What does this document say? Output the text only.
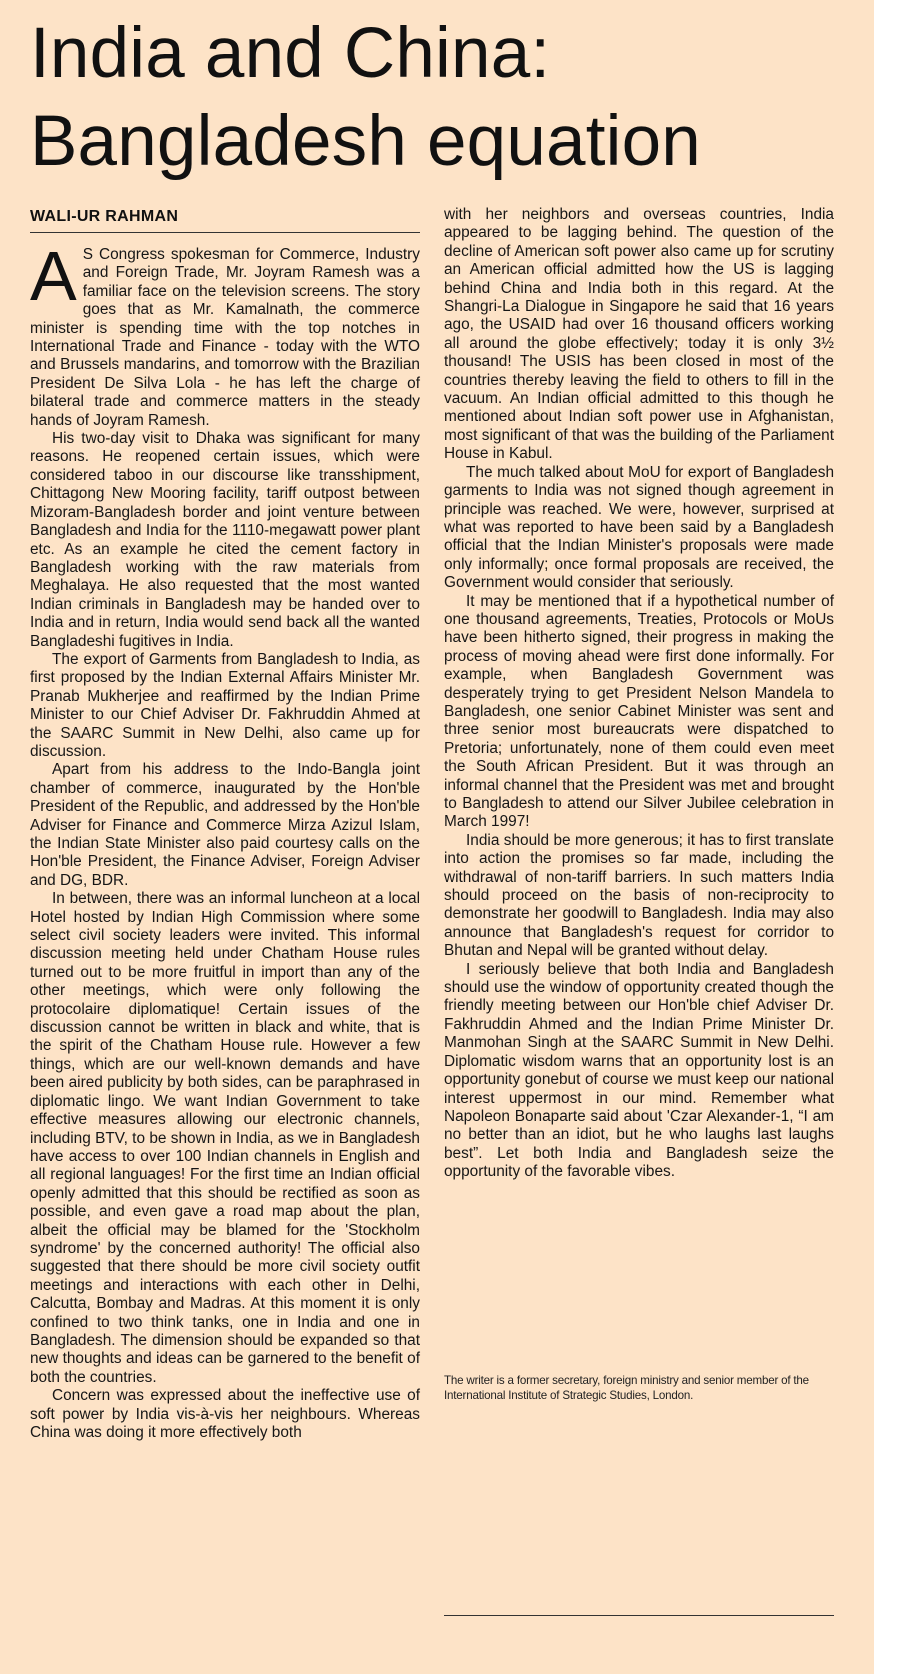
India and China:
Bangladesh equation
WALI-UR RAHMAN

A S Congress spokesman for Commerce, Industry and Foreign Trade, Mr. Joyram Ramesh was a familiar face on the television screens. The story goes that as Mr. Kamalnath, the commerce minister is spending time with the top notches in International Trade and Finance - today with the WTO and Brussels mandarins, and tomorrow with the Brazilian President De Silva Lola - he has left the charge of bilateral trade and commerce matters in the steady hands of Joyram Ramesh.

His two-day visit to Dhaka was significant for many reasons. He reopened certain issues, which were considered taboo in our discourse like transshipment, Chittagong New Mooring facility, tariff outpost between Mizoram-Bangladesh border and joint venture between Bangladesh and India for the 1110-megawatt power plant etc. As an example he cited the cement factory in Bangladesh working with the raw materials from Meghalaya. He also requested that the most wanted Indian criminals in Bangladesh may be handed over to India and in return, India would send back all the wanted Bangladeshi fugitives in India.

The export of Garments from Bangladesh to India, as first proposed by the Indian External Affairs Minister Mr. Pranab Mukherjee and reaffirmed by the Indian Prime Minister to our Chief Adviser Dr. Fakhruddin Ahmed at the SAARC Summit in New Delhi, also came up for discussion.

Apart from his address to the Indo-Bangla joint chamber of commerce, inaugurated by the Hon'ble President of the Republic, and addressed by the Hon'ble Adviser for Finance and Commerce Mirza Azizul Islam, the Indian State Minister also paid courtesy calls on the Hon'ble President, the Finance Adviser, Foreign Adviser and DG, BDR.

In between, there was an informal luncheon at a local Hotel hosted by Indian High Commission where some select civil society leaders were invited. This informal discussion meeting held under Chatham House rules turned out to be more fruitful in import than any of the other meetings, which were only following the protocolaire diplomatique! Certain issues of the discussion cannot be written in black and white, that is the spirit of the Chatham House rule. However a few things, which are our well-known demands and have been aired publicity by both sides, can be paraphrased in diplomatic lingo. We want Indian Government to take effective measures allowing our electronic channels, including BTV, to be shown in India, as we in Bangladesh have access to over 100 Indian channels in English and all regional languages! For the first time an Indian official openly admitted that this should be rectified as soon as possible, and even gave a road map about the plan, albeit the official may be blamed for the 'Stockholm syndrome' by the concerned authority! The official also suggested that there should be more civil society outfit meetings and interactions with each other in Delhi, Calcutta, Bombay and Madras. At this moment it is only confined to two think tanks, one in India and one in Bangladesh. The dimension should be expanded so that new thoughts and ideas can be garnered to the benefit of both the countries.

Concern was expressed about the ineffective use of soft power by India vis-à-vis her neighbours. Whereas China was doing it more effectively both

with her neighbors and overseas countries, India appeared to be lagging behind. The question of the decline of American soft power also came up for scrutiny an American official admitted how the US is lagging behind China and India both in this regard. At the Shangri-La Dialogue in Singapore he said that 16 years ago, the USAID had over 16 thousand officers working all around the globe effectively; today it is only 3½ thousand! The USIS has been closed in most of the countries thereby leaving the field to others to fill in the vacuum. An Indian official admitted to this though he mentioned about Indian soft power use in Afghanistan, most significant of that was the building of the Parliament House in Kabul.

The much talked about MoU for export of Bangladesh garments to India was not signed though agreement in principle was reached. We were, however, surprised at what was reported to have been said by a Bangladesh official that the Indian Minister's proposals were made only informally; once formal proposals are received, the Government would consider that seriously.

It may be mentioned that if a hypothetical number of one thousand agreements, Treaties, Protocols or MoUs have been hitherto signed, their progress in making the process of moving ahead were first done informally. For example, when Bangladesh Government was desperately trying to get President Nelson Mandela to Bangladesh, one senior Cabinet Minister was sent and three senior most bureaucrats were dispatched to Pretoria; unfortunately, none of them could even meet the South African President. But it was through an informal channel that the President was met and brought to Bangladesh to attend our Silver Jubilee celebration in March 1997!

India should be more generous; it has to first translate into action the promises so far made, including the withdrawal of non-tariff barriers. In such matters India should proceed on the basis of non-reciprocity to demonstrate her goodwill to Bangladesh. India may also announce that Bangladesh's request for corridor to Bhutan and Nepal will be granted without delay.

I seriously believe that both India and Bangladesh should use the window of opportunity created though the friendly meeting between our Hon'ble chief Adviser Dr. Fakhruddin Ahmed and the Indian Prime Minister Dr. Manmohan Singh at the SAARC Summit in New Delhi. Diplomatic wisdom warns that an opportunity lost is an opportunity gonebut of course we must keep our national interest uppermost in our mind. Remember what Napoleon Bonaparte said about 'Czar Alexander-1, “I am no better than an idiot, but he who laughs last laughs best”. Let both India and Bangladesh seize the opportunity of the favorable vibes.

The writer is a former secretary, foreign ministry and senior member of the International Institute of Strategic Studies, London.
